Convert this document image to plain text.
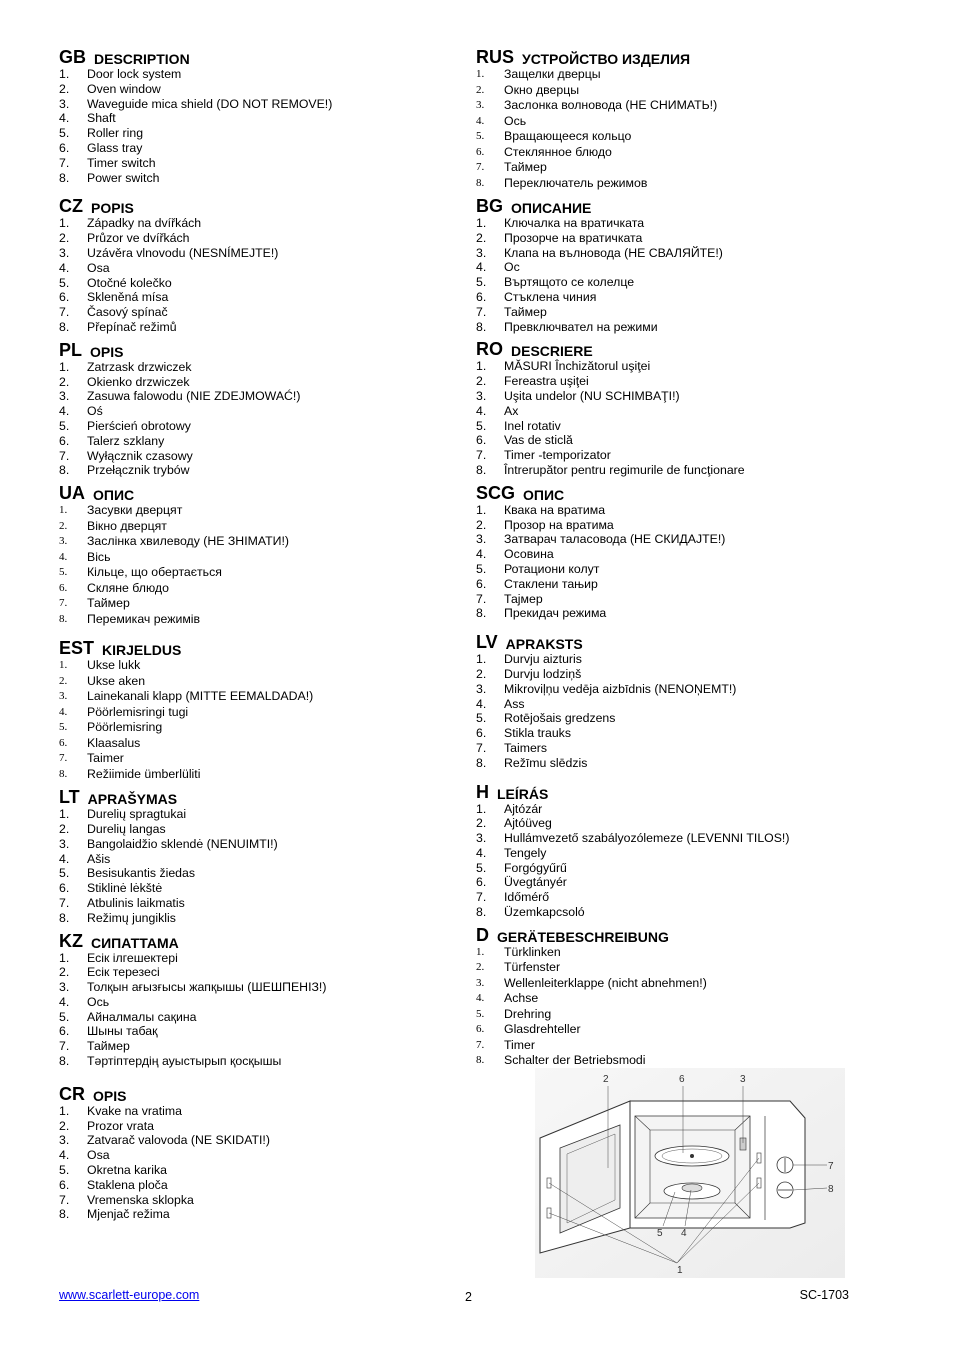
GB DESCRIPTION
1.	Door lock system
2.	Oven window
3.	Waveguide mica shield (DO NOT REMOVE!)
4.	Shaft
5.	Roller ring
6.	Glass tray
7.	Timer switch
8.	Power switch
CZ POPIS
1.	Západky na dvířkách
2.	Průzor ve dvířkách
3.	Uzávěra vlnovodu (NESNÍMEJTE!)
4.	Osa
5.	Otočné kolečko
6.	Skleněná mísa
7.	Časový spínač
8.	Přepínač režimů
PL OPIS
1.	Zatrzask drzwiczek
2.	Okienko drzwiczek
3.	Zasuwa falowodu (NIE ZDEJMOWAĆ!)
4.	Oś
5.	Pierścień obrotowy
6.	Talerz szklany
7.	Wyłącznik czasowy
8.	Przełącznik trybów
UA ОПИС
1.	Засувки дверцят
2.	Вікно дверцят
3.	Заслінка хвилеводу (НЕ ЗНІМАТИ!)
4.	Вісь
5.	Кільце, що обертається
6.	Скляне блюдо
7.	Таймер
8.	Перемикач режимів
EST KIRJELDUS
1.	Ukse lukk
2.	Ukse aken
3.	Lainekanali klapp (MITTE EEMALDADA!)
4.	Pöörlemisringi tugi
5.	Pöörlemisring
6.	Klaasalus
7.	Taimer
8.	Režiimide ümberlüliti
LT APRAŠYMAS
1.	Durelių spragtukai
2.	Durelių langas
3.	Bangolaidžio sklendė (NENUIMTI!)
4.	Ašis
5.	Besisukantis žiedas
6.	Stiklinė lėkštė
7.	Atbulinis laikmatis
8.	Režimų jungiklis
KZ СИПАТТАМА
1.	Есік ілгешектері
2.	Есік терезесі
3.	Толқын ағызғысы жапқышы (ШЕШПЕНІЗ!)
4.	Ось
5.	Айналмалы сақина
6.	Шыны табақ
7.	Таймер
8.	Тәртіптердің ауыстырып қосқышы
CR OPIS
1.	Kvake na vratima
2.	Prozor vrata
3.	Zatvarač valovoda (NE SKIDATI!)
4.	Osa
5.	Okretna karika
6.	Staklena ploča
7.	Vremenska sklopka
8.	Mjenjač režima
RUS УСТРОЙСТВО ИЗДЕЛИЯ
1.	Защелки дверцы
2.	Окно дверцы
3.	Заслонка волновода (НЕ СНИМАТЬ!)
4.	Ось
5.	Вращающееся кольцо
6.	Стеклянное блюдо
7.	Таймер
8.	Переключатель режимов
BG ОПИСАНИЕ
1.	Ключалка на вратичката
2.	Прозорче на вратичката
3.	Клапа на вълновода (НЕ СВАЛЯЙТЕ!)
4.	Ос
5.	Въртящото се колелце
6.	Стъклена чиния
7.	Таймер
8.	Превключвател на режими
RO DESCRIERE
1.	MĂSURI Închizătorul uşiţei
2.	Fereastra uşiţei
3.	Uşita undelor (NU SCHIMBAŢI!)
4.	Ax
5.	Inel rotativ
6.	Vas de sticlă
7.	Timer -temporizator
8.	Întrerupător pentru regimurile de funcţionare
SCG ОПИС
1.	Квака на вратима
2.	Прозор на вратима
3.	Затварач таласовода (НЕ СКИДАЈТЕ!)
4.	Осовина
5.	Ротациони колут
6.	Стаклени тањир
7.	Тајмер
8.	Прекидач режима
LV APRAKSTS
1.	Durvju aizturis
2.	Durvju lodziņš
3.	Mikroviļņu vedēja aizbīdnis (NENOŅEMT!)
4.	Ass
5.	Rotējošais gredzens
6.	Stikla trauks
7.	Taimers
8.	Režīmu slēdzis
H LEÍRÁS
1.	Ajtózár
2.	Ajtóüveg
3.	Hullámvezető szabályozólemeze (LEVENNI TILOS!)
4.	Tengely
5.	Forgógyűrű
6.	Üvegtányér
7.	Időmérő
8.	Üzemkapcsoló
D GERÄTEBESCHREIBUNG
1.	Türklinken
2.	Türfenster
3.	Wellenleiterklappe (nicht abnehmen!)
4.	Achse
5.	Drehring
6.	Glasdrehteller
7.	Timer
8.	Schalter der Betriebsmodi
1
2	3
4
5
6
7
8
www.scarlett-europe.com	2	SC-1703
